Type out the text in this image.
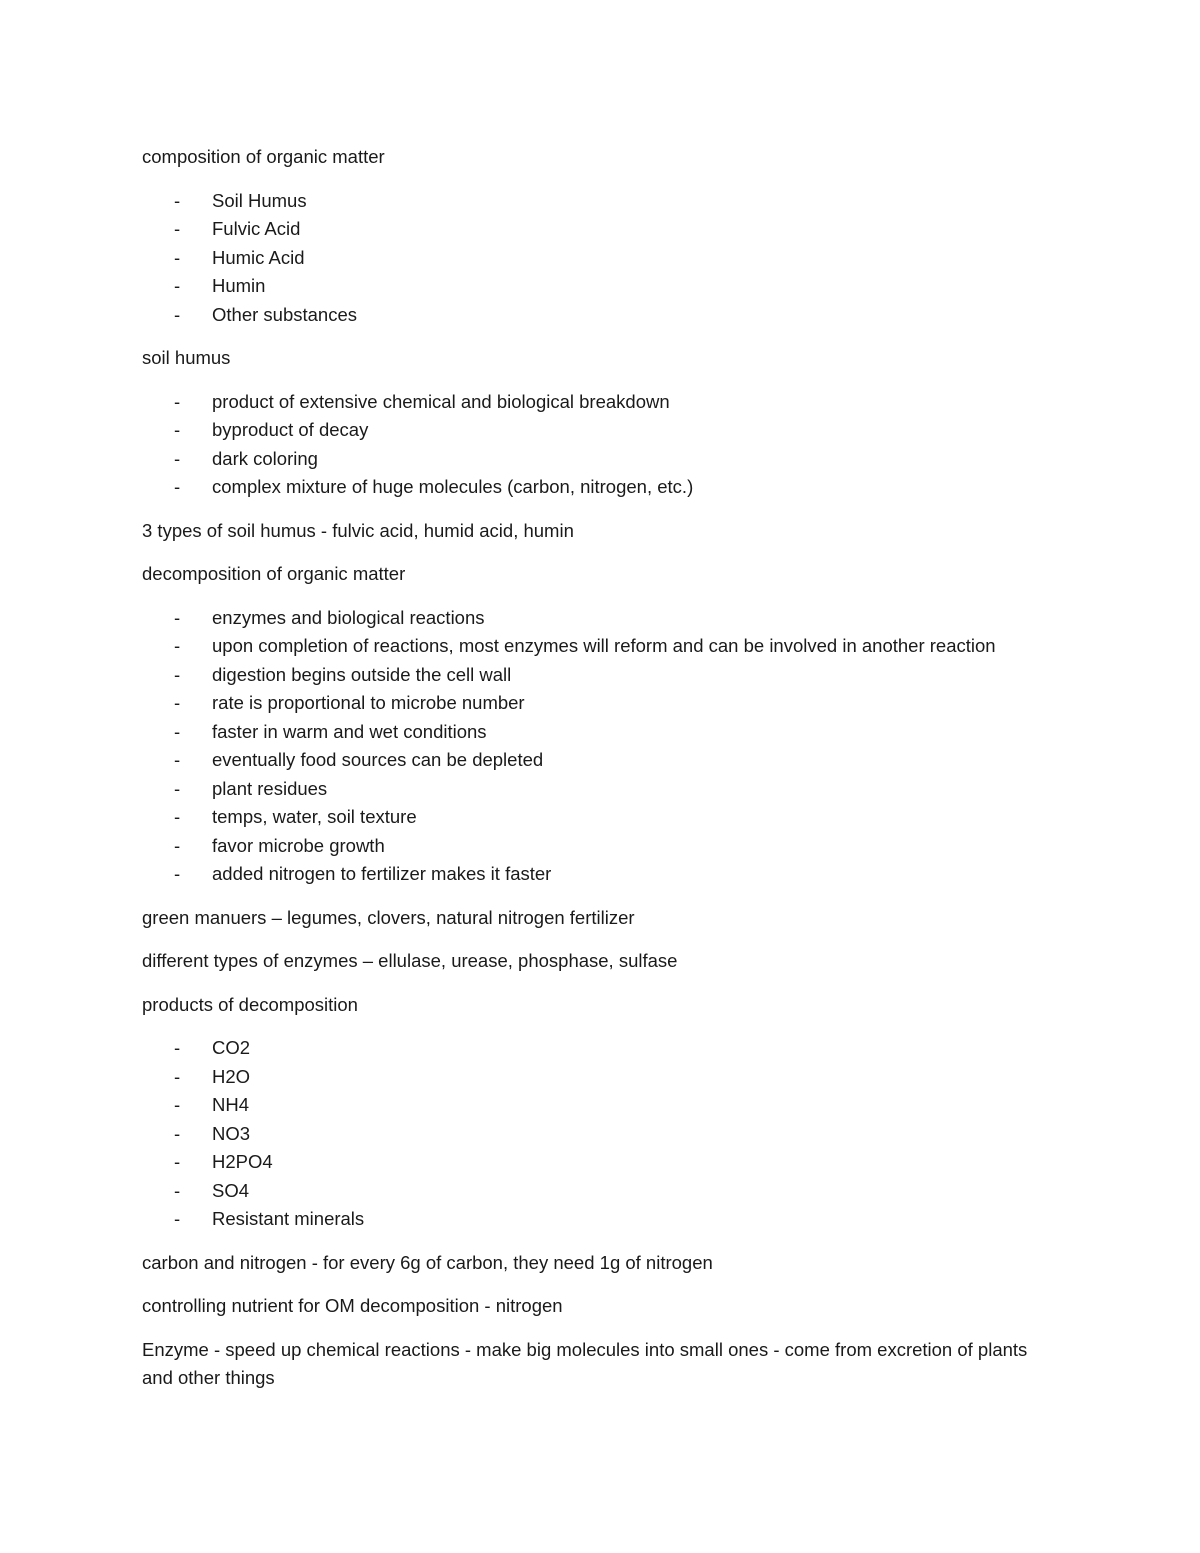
composition of organic matter

- Soil Humus
- Fulvic Acid
- Humic Acid
- Humin
- Other substances

soil humus

- product of extensive chemical and biological breakdown
- byproduct of decay
- dark coloring
- complex mixture of huge molecules (carbon, nitrogen, etc.)

3 types of soil humus - fulvic acid, humid acid, humin

decomposition of organic matter

- enzymes and biological reactions
- upon completion of reactions, most enzymes will reform and can be involved in another reaction
- digestion begins outside the cell wall
- rate is proportional to microbe number
- faster in warm and wet conditions
- eventually food sources can be depleted
- plant residues
- temps, water, soil texture
- favor microbe growth
- added nitrogen to fertilizer makes it faster

green manuers – legumes, clovers, natural nitrogen fertilizer

different types of enzymes – ellulase, urease, phosphase, sulfase

products of decomposition

- CO2
- H2O
- NH4
- NO3
- H2PO4
- SO4
- Resistant minerals

carbon and nitrogen - for every 6g of carbon, they need 1g of nitrogen

controlling nutrient for OM decomposition - nitrogen

Enzyme - speed up chemical reactions - make big molecules into small ones - come from excretion of plants and other things
